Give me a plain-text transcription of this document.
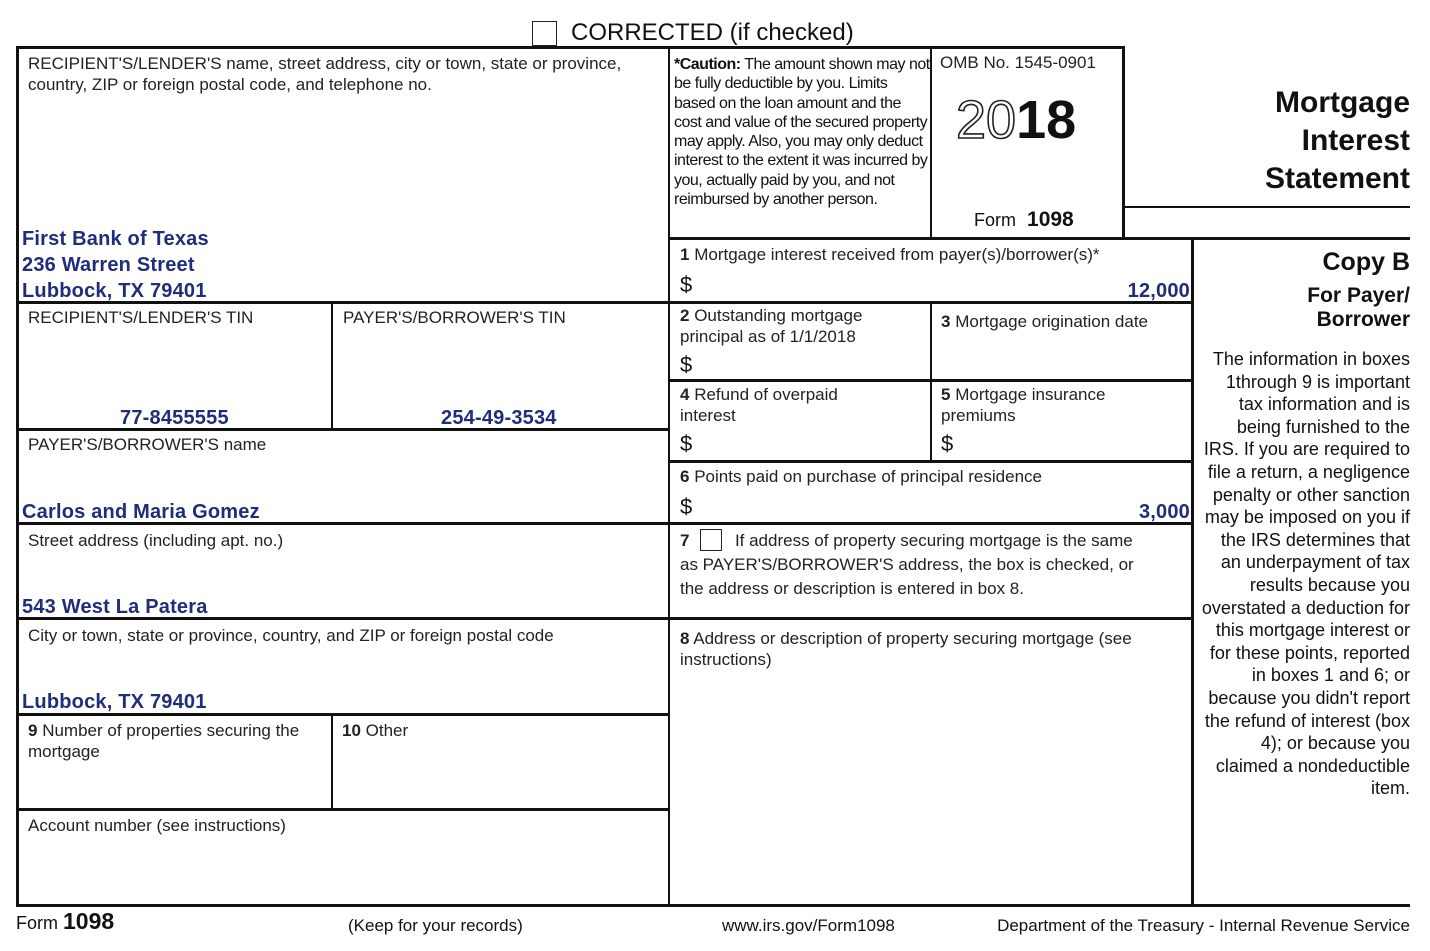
CORRECTED (if checked)
RECIPIENT'S/LENDER'S name, street address, city or town, state or province, country, ZIP or foreign postal code, and telephone no.
First Bank of Texas
236 Warren Street
Lubbock, TX 79401
*Caution: The amount shown may not be fully deductible by you. Limits based on the loan amount and the cost and value of the secured property may apply. Also, you may only deduct interest to the extent it was incurred by you, actually paid by you, and not reimbursed by another person.
OMB No. 1545-0901
2018
Form 1098
Mortgage
Interest
Statement
Copy B
For Payer/
Borrower
The information in boxes 1through 9 is important tax information and is being furnished to the IRS. If you are required to file a return, a negligence penalty or other sanction may be imposed on you if the IRS determines that an underpayment of tax results because you overstated a deduction for this mortgage interest or for these points, reported in boxes 1 and 6; or because you didn't report the refund of interest (box 4); or because you claimed a nondeductible item.
RECIPIENT'S/LENDER'S TIN
77-8455555
PAYER'S/BORROWER'S TIN
254-49-3534
PAYER'S/BORROWER'S name
Carlos and Maria Gomez
Street address (including apt. no.)
543 West La Patera
City or town, state or province, country, and ZIP or foreign postal code
Lubbock, TX 79401
9 Number of properties securing the
mortgage
10 Other
Account number (see instructions)
1 Mortgage interest received from payer(s)/borrower(s)*
$	12,000
2 Outstanding mortgage
principal as of 1/1/2018
$
3 Mortgage origination date
4 Refund of overpaid
interest
$
5 Mortgage insurance
premiums
$
6 Points paid on purchase of principal residence
$	3,000
7	If address of property securing mortgage is the same
as PAYER'S/BORROWER'S address, the box is checked, or
the address or description is entered in box 8.
8 Address or description of property securing mortgage (see
instructions)
Form 1098	(Keep for your records)	www.irs.gov/Form1098	Department of the Treasury - Internal Revenue Service
